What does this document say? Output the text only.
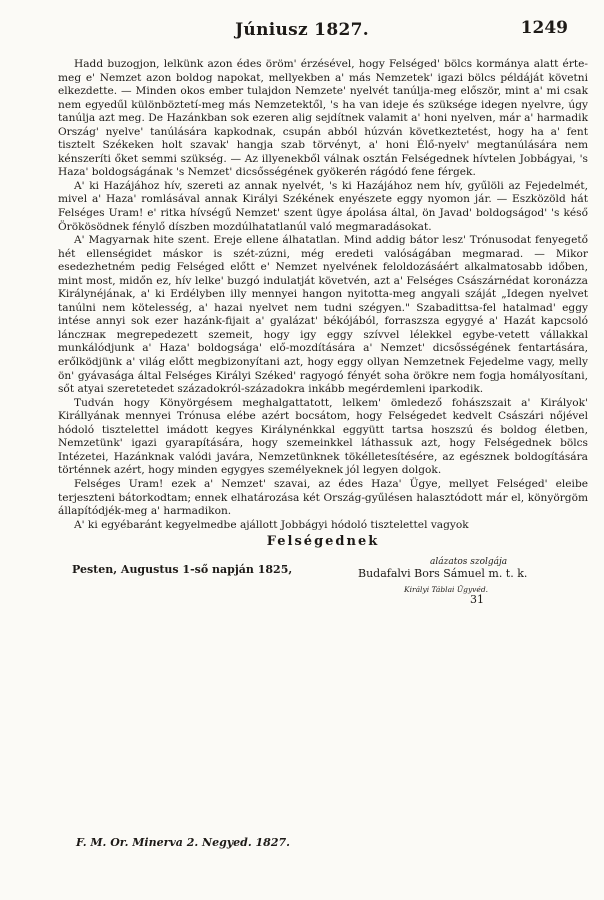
Júniusz 1827.	1249

Hadd buzogjon, lelkünk azon édes öröm' érzésével, hogy Felséged' bölcs kormánya alatt érte-meg e' Nemzet azon boldog napokat, mellyekben a' más Nemzetek' igazi bölcs példáját követni elkezdette. — Minden okos ember tulajdon Nemzete' nyelvét tanúlja-meg először, mint a' mi csak nem egyedűl különböztetí-meg más Nemzetektől, 's ha van ideje és szüksége idegen nyelvre, úgy tanúlja azt meg. De Hazánkban sok ezeren alig sejdítnek valamit a' honi nyelven, már a' harmadik Ország' nyelve' tanúlására kapkodnak, csupán abból húzván következtetést, hogy ha a' fent tisztelt Székeken holt szavak' hangja szab törvényt, a' honi Élő-nyelv' megtanúlására nem kénszeríti őket semmi szükség. — Az illyenekből válnak osztán Felségednek hívtelen Jobbágyai, 's Haza' boldogságának 's Nemzet' dicsősségének gyökerén rágódó fene férgek.

A' ki Hazájához hív, szereti az annak nyelvét, 's ki Hazájához nem hív, gyűlöli az Fejedelmét, mivel a' Haza' romlásával annak Királyi Székének enyészete eggy nyomon jár. — Eszközöld hát Felséges Uram! e' ritka hívségű Nemzet' szent ügye ápolása által, ön Javad' boldogságod' 's késő Örökösödnek fénylő díszben mozdúlhatatlanúl való megmaradásokat.

A' Magyarnak hite szent. Ereje ellene álhatatlan. Mind addig bátor lesz' Trónusodat fenyegető hét ellenségidet máskor is szét-zúzni, még eredeti valóságában megmarad. — Mikor esedezhetném pedig Felséged előtt e' Nemzet nyelvének feloldozásáért alkalmatosabb időben, mint most, midőn ez, hív lelke' buzgó indulatját követvén, azt a' Felséges Császárnédat koronázza Királynéjának, a' ki Erdélyben illy mennyei hangon nyitotta-meg angyali száját „Idegen nyelvet tanúlni nem kötelesség, a' hazai nyelvet nem tudni szégyen." Szabadittsa-fel hatalmad' eggy intése annyi sok ezer hazánk-fijait a' gyalázat' békójából, forraszsza egygyé a' Hazát kapcsoló lánczнак megrepedezett szemeit, hogy igy eggy szívvel lélekkel egybe-vetett vállakkal munkálódjunk a' Haza' boldogsága' elő-mozdítására a' Nemzet' dicsősségének fentartására, erőlködjünk a' világ előtt megbizonyítani azt, hogy eggy ollyan Nemzetnek Fejedelme vagy, melly ön' gyávasága által Felséges Királyi Széked' ragyogó fényét soha örökre nem fogja homályosítani, sőt atyai szeretetedet századokról-századokra inkább megérdemleni iparkodik.

Tudván hogy Könyörgésem meghalgattatott, lelkem' ömledező fohászszait a' Királyok' Királlyának mennyei Trónusa elébe azért bocsátom, hogy Felségedet kedvelt Császári nőjével hódoló tisztelettel imádott kegyes Királynénkkal eggyütt tartsa hoszszú és boldog életben, Nemzetünk' igazi gyarapítására, hogy szemeinkkel láthassuk azt, hogy Felségednek bölcs Intézetei, Hazánknak valódi javára, Nemzetünknek tökélletesítésére, az egésznek boldogítására történnek azért, hogy minden egygyes személyeknek jól legyen dolgok.

Felséges Uram! ezek a' Nemzet' szavai, az édes Haza' Ügye, mellyet Felséged' eleibe terjeszteni bátorkodtam; ennek elhatározása két Ország-gyűlésen halasztódott már el, könyörgöm állapítódjék-meg a' harmadikon.

A' ki egyébaránt kegyelmedbe ajállott Jobbágyi hódoló tisztelettel vagyok

Felségednek
Pesten, Augustus 1-ső napján 1825,
alázatos szolgája
Budafalvi Bors Sámuel m. t. k.
Királyi Táblai Ügyvéd.
31
F. M. Or. Minerva 2. Negyed. 1827.
